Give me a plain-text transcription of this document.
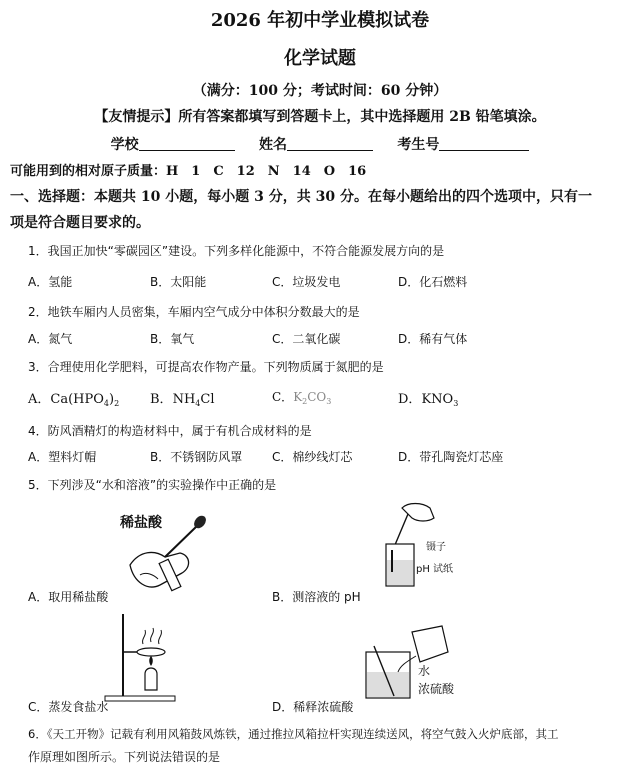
2026 年初中学业模拟试卷
化学试题
（满分：100 分；考试时间：60 分钟）
【友情提示】所有答案都填写到答题卡上，其中选择题用 2B 铅笔填涂。
学校	姓名	考生号
可能用到的相对原子质量：H　1　C　12　N　14　O　16
一、选择题：本题共 10 小题，每小题 3 分，共 30 分。在每小题给出的四个选项中，只有一
项是符合题目要求的。
1．我国正加快“零碳园区”建设。下列多样化能源中，不符合能源发展方向的是
A．氢能	B．太阳能	C．垃圾发电	D．化石燃料
2．地铁车厢内人员密集，车厢内空气成分中体积分数最大的是
A．氮气	B．氧气	C．二氧化碳	D．稀有气体
3．合理使用化学肥料，可提高农作物产量。下列物质属于氮肥的是
A．$Ca(HPO_4)_2$ B．$NH_4Cl$	C．$K_2CO_3$	D．$KNO_3$
4．防风酒精灯的构造材料中，属于有机合成材料的是
A．塑料灯帽	B．不锈钢防风罩 C．棉纱线灯芯	D．带孔陶瓷灯芯座
5．下列涉及“水和溶液”的实验操作中正确的是
稀盐酸
A．取用稀盐酸
镊子
pH 试纸
B．测溶液的 pH
C．蒸发食盐水
水
浓硫酸
D．稀释浓硫酸
6．《天工开物》记载有利用风箱鼓风炼铁，通过推拉风箱拉杆实现连续送风，将空气鼓入火炉底部，其工
作原理如图所示。下列说法错误的是
